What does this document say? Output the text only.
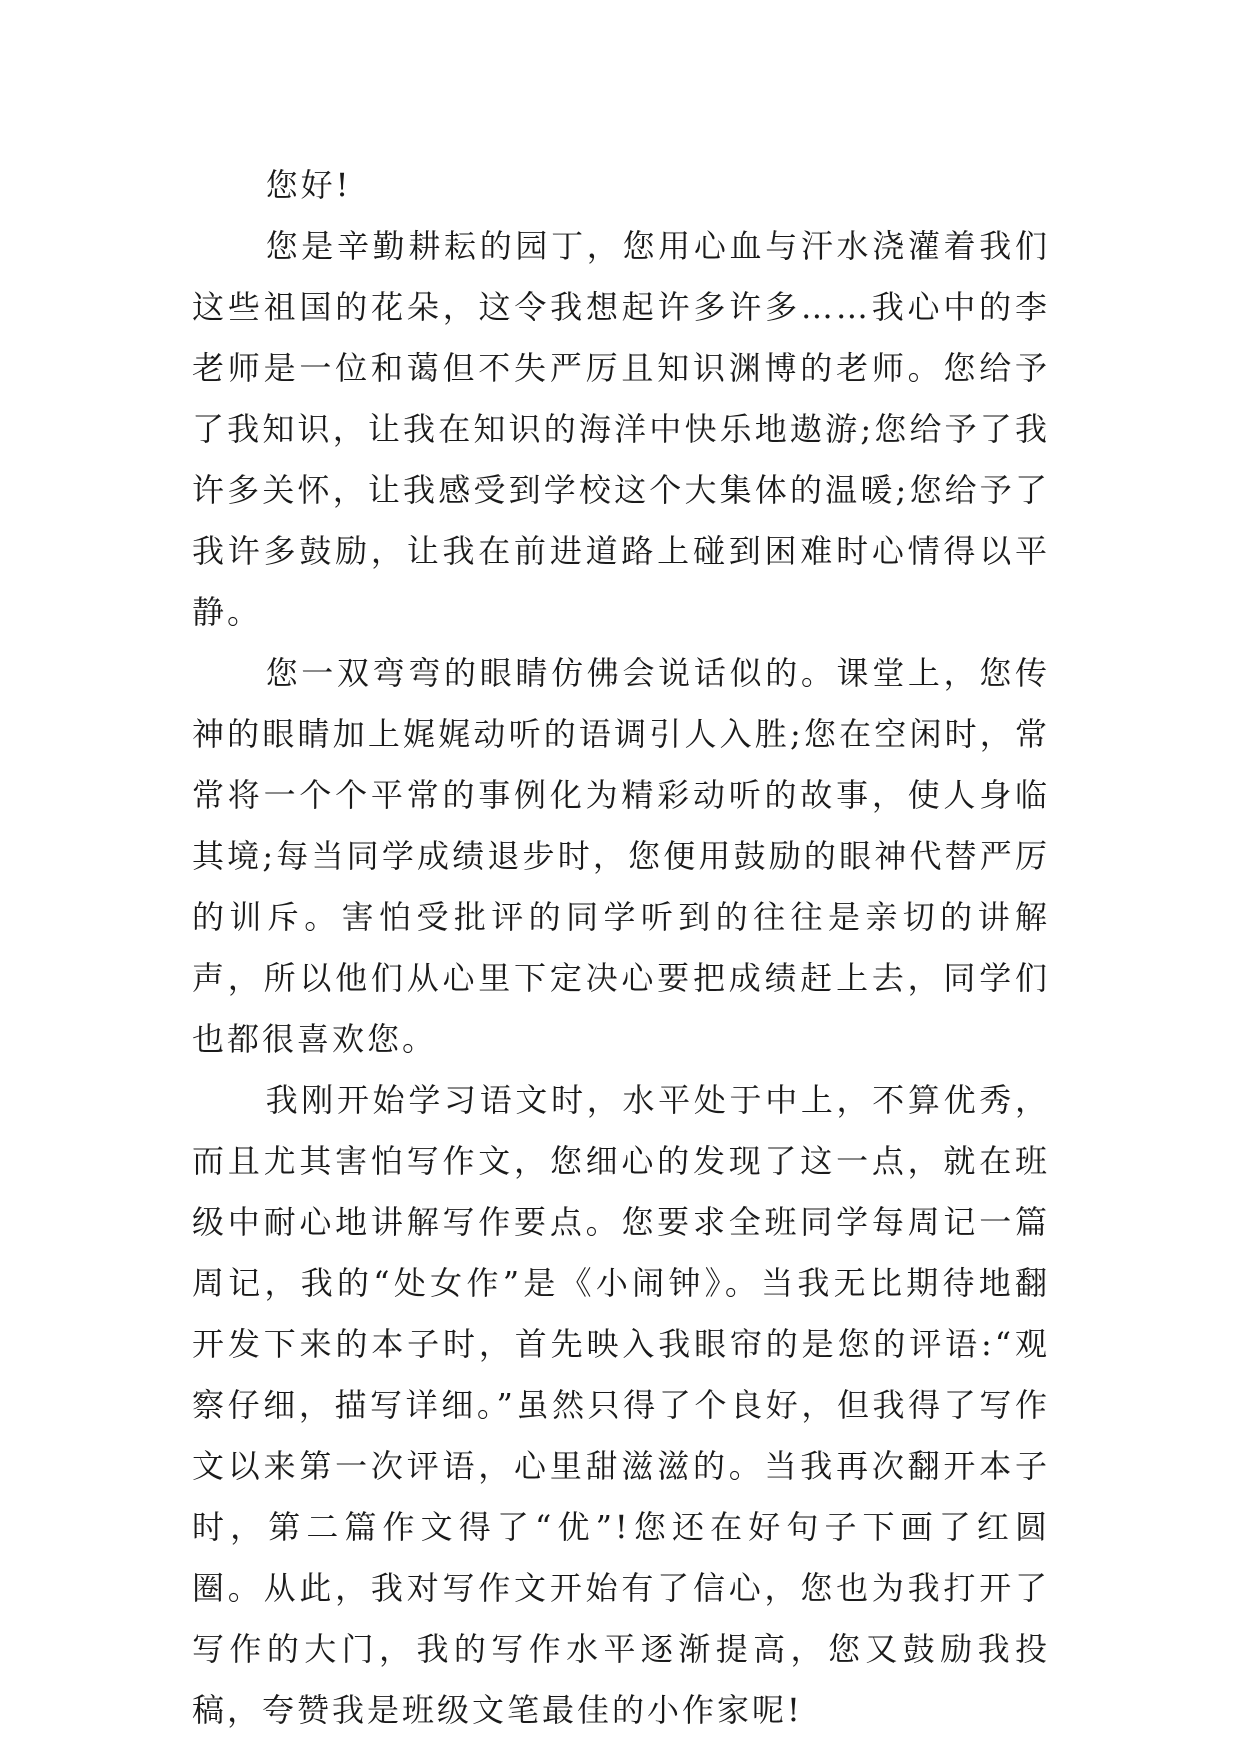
您好!

您是辛勤耕耘的园丁，您用心血与汗水浇灌着我们这些祖国的花朵，这令我想起许多许多……我心中的李老师是一位和蔼但不失严厉且知识渊博的老师。您给予了我知识，让我在知识的海洋中快乐地遨游;您给予了我许多关怀，让我感受到学校这个大集体的温暖;您给予了我许多鼓励，让我在前进道路上碰到困难时心情得以平静。

您一双弯弯的眼睛仿佛会说话似的。课堂上，您传神的眼睛加上娓娓动听的语调引人入胜;您在空闲时，常常将一个个平常的事例化为精彩动听的故事，使人身临其境;每当同学成绩退步时，您便用鼓励的眼神代替严厉的训斥。害怕受批评的同学听到的往往是亲切的讲解声，所以他们从心里下定决心要把成绩赶上去，同学们也都很喜欢您。

我刚开始学习语文时，水平处于中上，不算优秀，而且尤其害怕写作文，您细心的发现了这一点，就在班级中耐心地讲解写作要点。您要求全班同学每周记一篇周记，我的“处女作”是《小闹钟》。当我无比期待地翻开发下来的本子时，首先映入我眼帘的是您的评语:“观察仔细，描写详细。”虽然只得了个良好，但我得了写作文以来第一次评语，心里甜滋滋的。当我再次翻开本子时，第二篇作文得了“优”!您还在好句子下画了红圆圈。从此，我对写作文开始有了信心，您也为我打开了写作的大门，我的写作水平逐渐提高，您又鼓励我投稿，夸赞我是班级文笔最佳的小作家呢!
